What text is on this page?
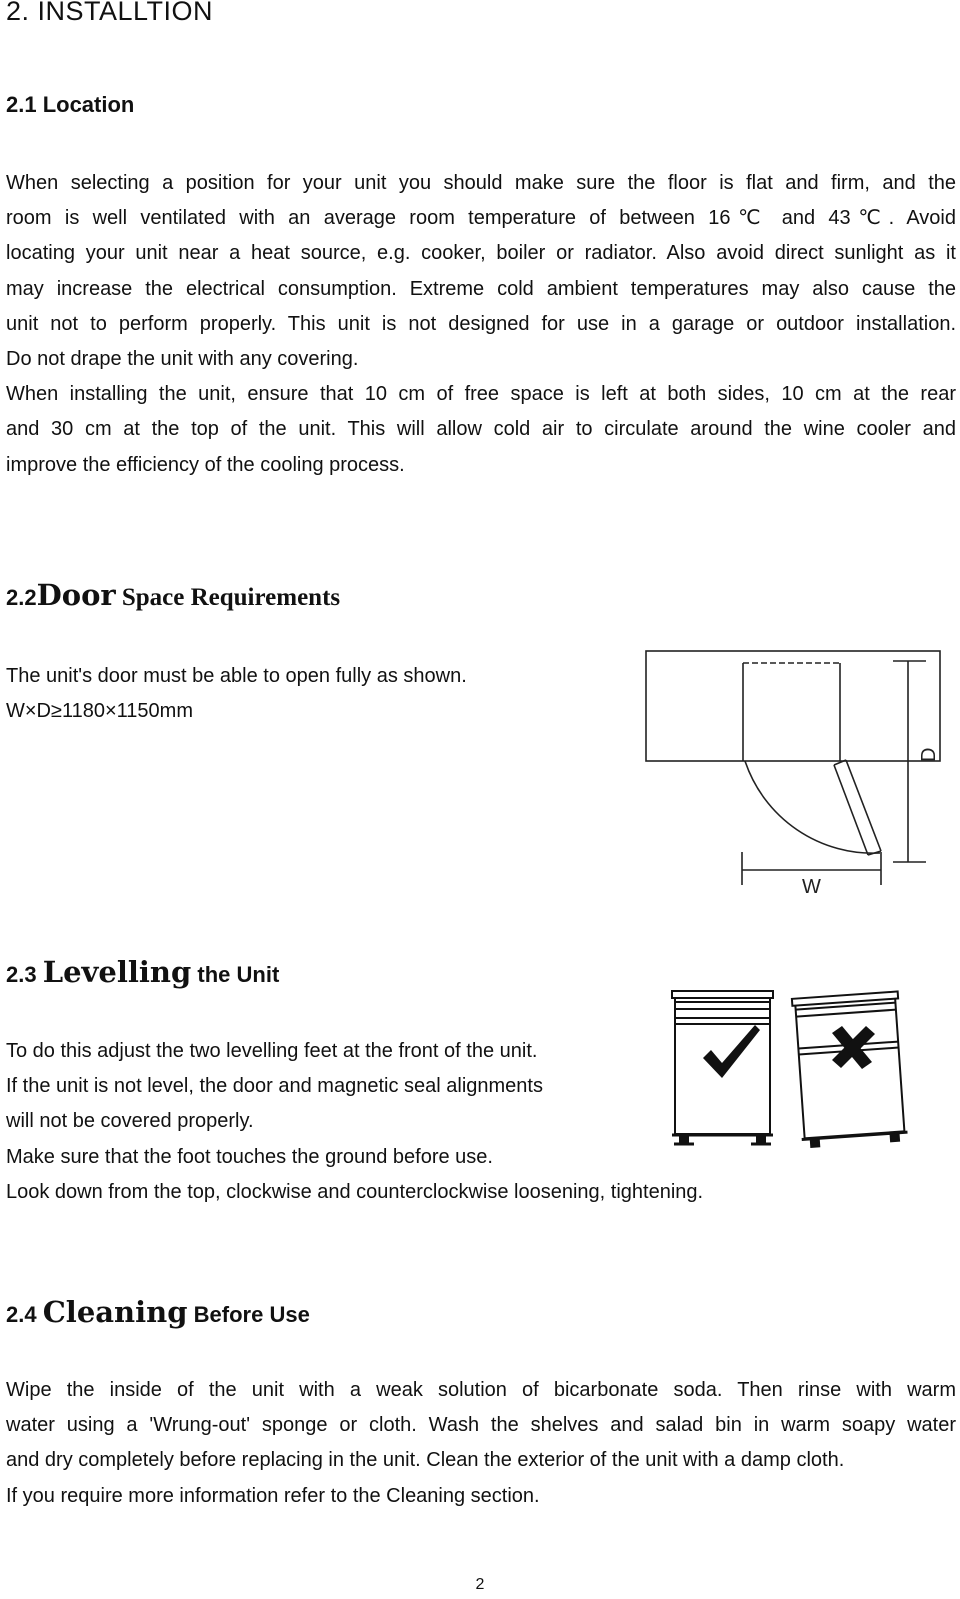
2. INSTALLTION
2.1 Location
When selecting a position for your unit you should make sure the floor is flat and firm, and the
room is well ventilated with an average room temperature of between 16℃ and 43℃. Avoid
locating your unit near a heat source, e.g. cooker, boiler or radiator. Also avoid direct sunlight as it
may increase the electrical consumption. Extreme cold ambient temperatures may also cause the
unit not to perform properly. This unit is not designed for use in a garage or outdoor installation.
Do not drape the unit with any covering.
When installing the unit, ensure that 10 cm of free space is left at both sides, 10 cm at the rear
and 30 cm at the top of the unit. This will allow cold air to circulate around the wine cooler and
improve the efficiency of the cooling process.
2.2Door Space Requirements
The unit's door must be able to open fully as shown.
W×D≥1180×1150mm
W
D
2.3 Levelling the Unit
To do this adjust the two levelling feet at the front of the unit.
If the unit is not level, the door and magnetic seal alignments
will not be covered properly.
Make sure that the foot touches the ground before use.
Look down from the top, clockwise and counterclockwise loosening, tightening.
2.4 Cleaning Before Use
Wipe the inside of the unit with a weak solution of bicarbonate soda. Then rinse with warm
water using a 'Wrung-out' sponge or cloth. Wash the shelves and salad bin in warm soapy water
and dry completely before replacing in the unit. Clean the exterior of the unit with a damp cloth.
If you require more information refer to the Cleaning section.
2
